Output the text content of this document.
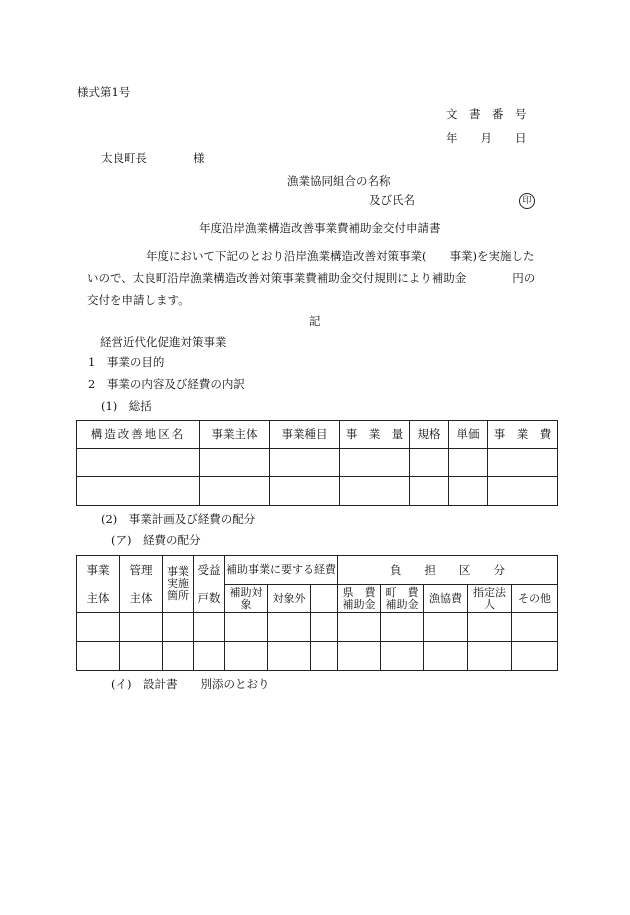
様式第1号
文　書　番　号
年　　月　　日
太良町長　　　　様
漁業協同組合の名称
及び氏名	印
年度沿岸漁業構造改善事業費補助金交付申請書
年度において下記のとおり沿岸漁業構造改善対策事業(　　事業)を実施した
いので、太良町沿岸漁業構造改善対策事業費補助金交付規則により補助金　　　　円の
交付を申請します。
記
経営近代化促進対策事業
1　事業の目的
2　事業の内容及び経費の内訳
(1)　総括
構造改善地区名	事業主体	事業種目	事　業　量	規格	単価	事　業　費

(2)　事業計画及び経費の配分
(ア)　経費の配分
事業	管理	事業実施箇所	受益	補助事業に要する経費			負　　担　　区　　分				
主体	主体		戸数	補助対象	対象外		県　費補助金	町　費補助金	漁協費	指定法人	その他

(イ)　設計書　　別添のとおり
